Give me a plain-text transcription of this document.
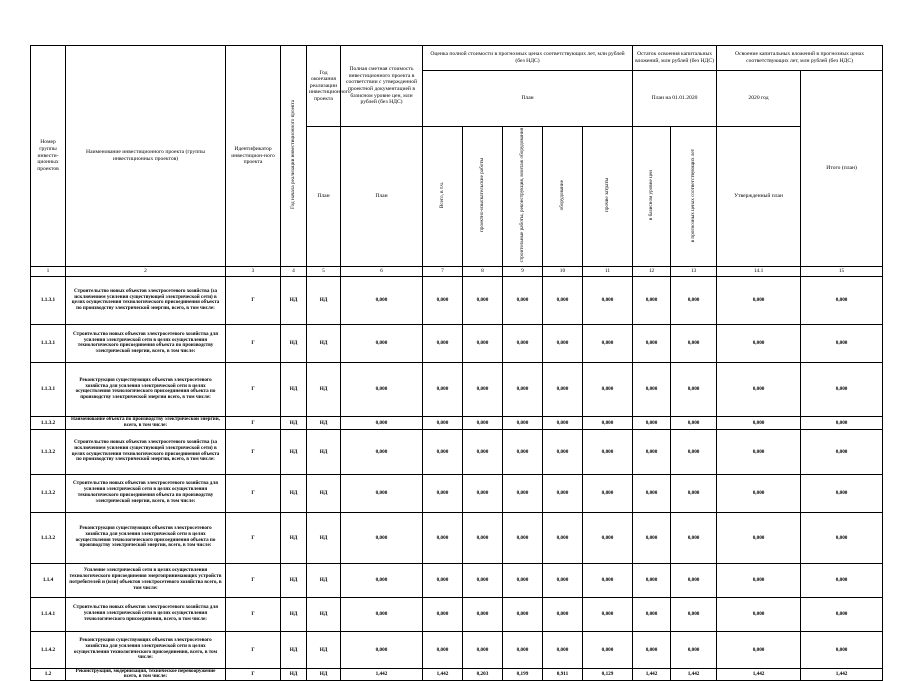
Номер группы инвести-ционных проектов	Наименование инвестиционного проекта (группы инвестиционных проектов)	Идентификатор инвестицион-ного проекта	Год начала реализации инвестиционного проекта	Год окончания реализации инвестиционного проекта	Полная сметная стоимость инвестиционного проекта в соответствии с утвержденной проектной документацией в базисном уровне цен, млн рублей (без НДС)	Оценка полной стоимости в прогнозных ценах соответствующих лет, млн рублей (без НДС)					Остаток освоения капитальных вложений, млн рублей (без НДС)		Освоение капитальных вложений в прогнозных ценах соответствующих лет, млн рублей (без НДС)	
						План					План на 01.01.2020		2020 год	Итого (план)
				План	План	Всего, в т.ч.	проектно-изыскательские работы	строительные работы, реконструкция, монтаж оборудования	оборудование	прочие затраты	в базисном уровне цен	в прогнозных ценах соответствующих лет	Утвержденный план	
1	2	3	4	5	6	7	8	9	10	11	12	13	14.1	15
1.1.3.1	Строительство новых объектов электросетевого хозяйства (за исключением усиления существующей электрической сети) в целях осуществления технологического присоединения объекта по производству электрической энергии, всего, в том числе:	Г	НД	НД	0,000	0,000	0,000	0,000	0,000	0,000	0,000	0,000	0,000	0,000
1.1.3.1	Строительство новых объектов электросетевого хозяйства для усиления электрической сети в целях осуществления технологического присоединения объекта по производству электрической энергии, всего, в том числе:	Г	НД	НД	0,000	0,000	0,000	0,000	0,000	0,000	0,000	0,000	0,000	0,000
1.1.3.1	Реконструкция существующих объектов электросетевого хозяйства для усиления электрической сети в целях осуществления технологического присоединения объекта по производству электрической энергии всего, в том числе:	Г	НД	НД	0,000	0,000	0,000	0,000	0,000	0,000	0,000	0,000	0,000	0,000
1.1.3.2	Наименование объекта по производству электрической энергии, всего, в том числе:	Г	НД	НД	0,000	0,000	0,000	0,000	0,000	0,000	0,000	0,000	0,000	0,000
1.1.3.2	Строительство новых объектов электросетевого хозяйства (за исключением усиления существующей электрической сети) в целях осуществления технологического присоединения объекта по производству электрической энергии, всего, в том числе:	Г	НД	НД	0,000	0,000	0,000	0,000	0,000	0,000	0,000	0,000	0,000	0,000
1.1.3.2	Строительство новых объектов электросетевого хозяйства для усиления электрической сети в целях осуществления технологического присоединения объекта по производству электрической энергии, всего, в том числе:	Г	НД	НД	0,000	0,000	0,000	0,000	0,000	0,000	0,000	0,000	0,000	0,000
1.1.3.2	Реконструкция существующих объектов электросетевого хозяйства для усиления электрической сети в целях осуществления технологического присоединения объекта по производству электрической энергии, всего, в том числе:	Г	НД	НД	0,000	0,000	0,000	0,000	0,000	0,000	0,000	0,000	0,000	0,000
1.1.4	Усиление электрической сети в целях осуществления технологического присоединения энергопринимающих устройств потребителей и (или) объектов электросетевого хозяйства всего, в том числе:	Г	НД	НД	0,000	0,000	0,000	0,000	0,000	0,000	0,000	0,000	0,000	0,000
1.1.4.1	Строительство новых объектов электросетевого хозяйства для усиления электрической сети в целях осуществления технологического присоединения, всего, в том числе:	Г	НД	НД	0,000	0,000	0,000	0,000	0,000	0,000	0,000	0,000	0,000	0,000
1.1.4.2	Реконструкция существующих объектов электросетевого хозяйства для усиления электрической сети в целях осуществления технологического присоединения, всего, в том числе:	Г	НД	НД	0,000	0,000	0,000	0,000	0,000	0,000	0,000	0,000	0,000	0,000
1.2	Реконструкция, модернизация, техническое перевооружение всего, в том числе:	Г	НД	НД	1,442	1,442	0,203	0,199	0,911	0,129	1,442	1,442	1,442	1,442
